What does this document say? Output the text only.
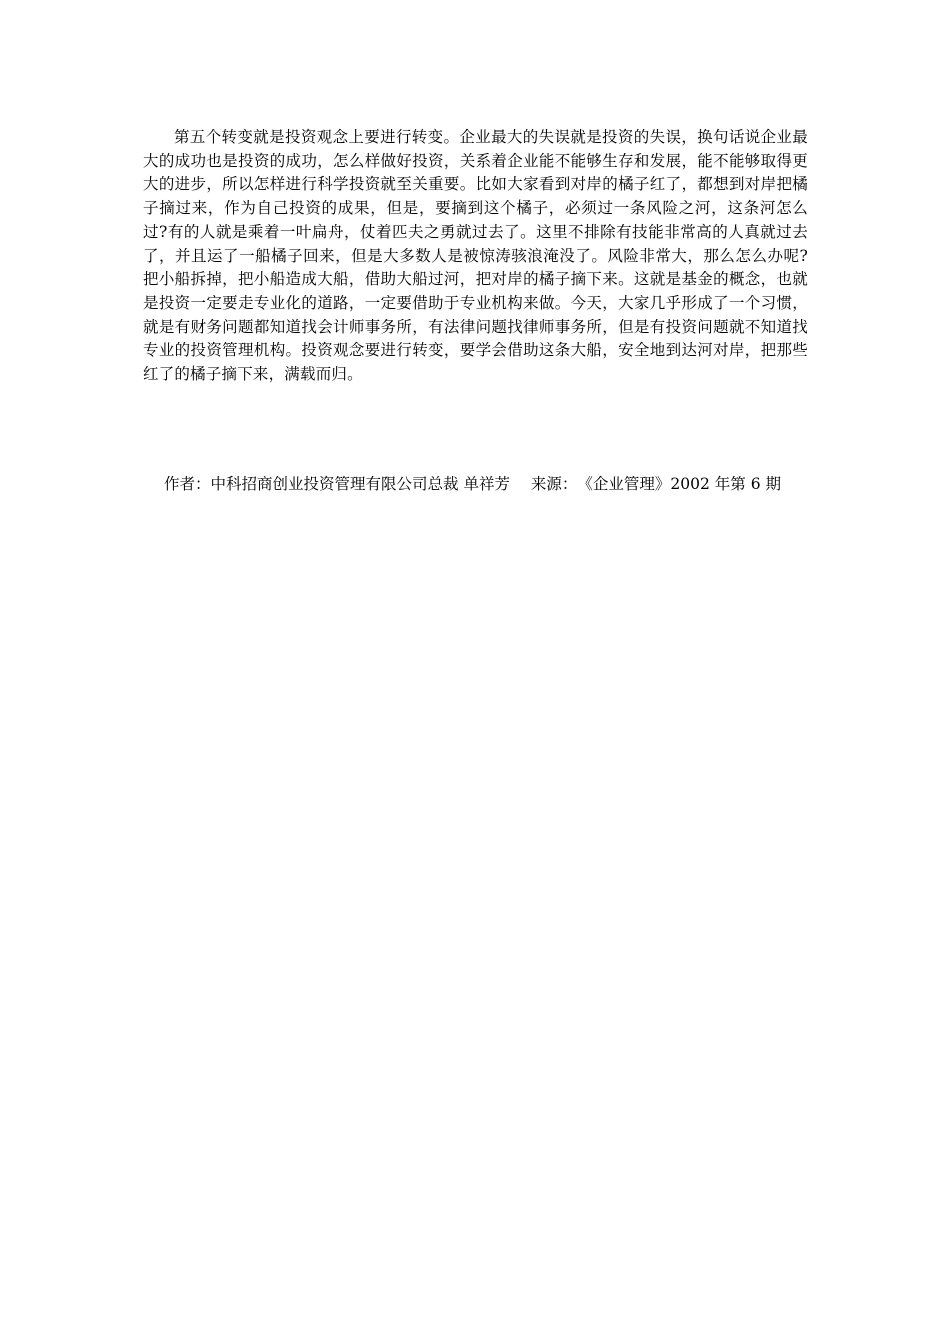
第五个转变就是投资观念上要进行转变。企业最大的失误就是投资的失误，换句话说企业最大的成功也是投资的成功，怎么样做好投资，关系着企业能不能够生存和发展，能不能够取得更大的进步，所以怎样进行科学投资就至关重要。比如大家看到对岸的橘子红了，都想到对岸把橘子摘过来，作为自己投资的成果，但是，要摘到这个橘子，必须过一条风险之河，这条河怎么过?有的人就是乘着一叶扁舟，仗着匹夫之勇就过去了。这里不排除有技能非常高的人真就过去了，并且运了一船橘子回来，但是大多数人是被惊涛骇浪淹没了。风险非常大，那么怎么办呢?把小船拆掉，把小船造成大船，借助大船过河，把对岸的橘子摘下来。这就是基金的概念，也就是投资一定要走专业化的道路，一定要借助于专业机构来做。今天，大家几乎形成了一个习惯，就是有财务问题都知道找会计师事务所，有法律问题找律师事务所，但是有投资问题就不知道找专业的投资管理机构。投资观念要进行转变，要学会借助这条大船，安全地到达河对岸，把那些红了的橘子摘下来，满载而归。

作者：中科招商创业投资管理有限公司总裁 单祥芳 来源：《企业管理》2002 年第 6 期
